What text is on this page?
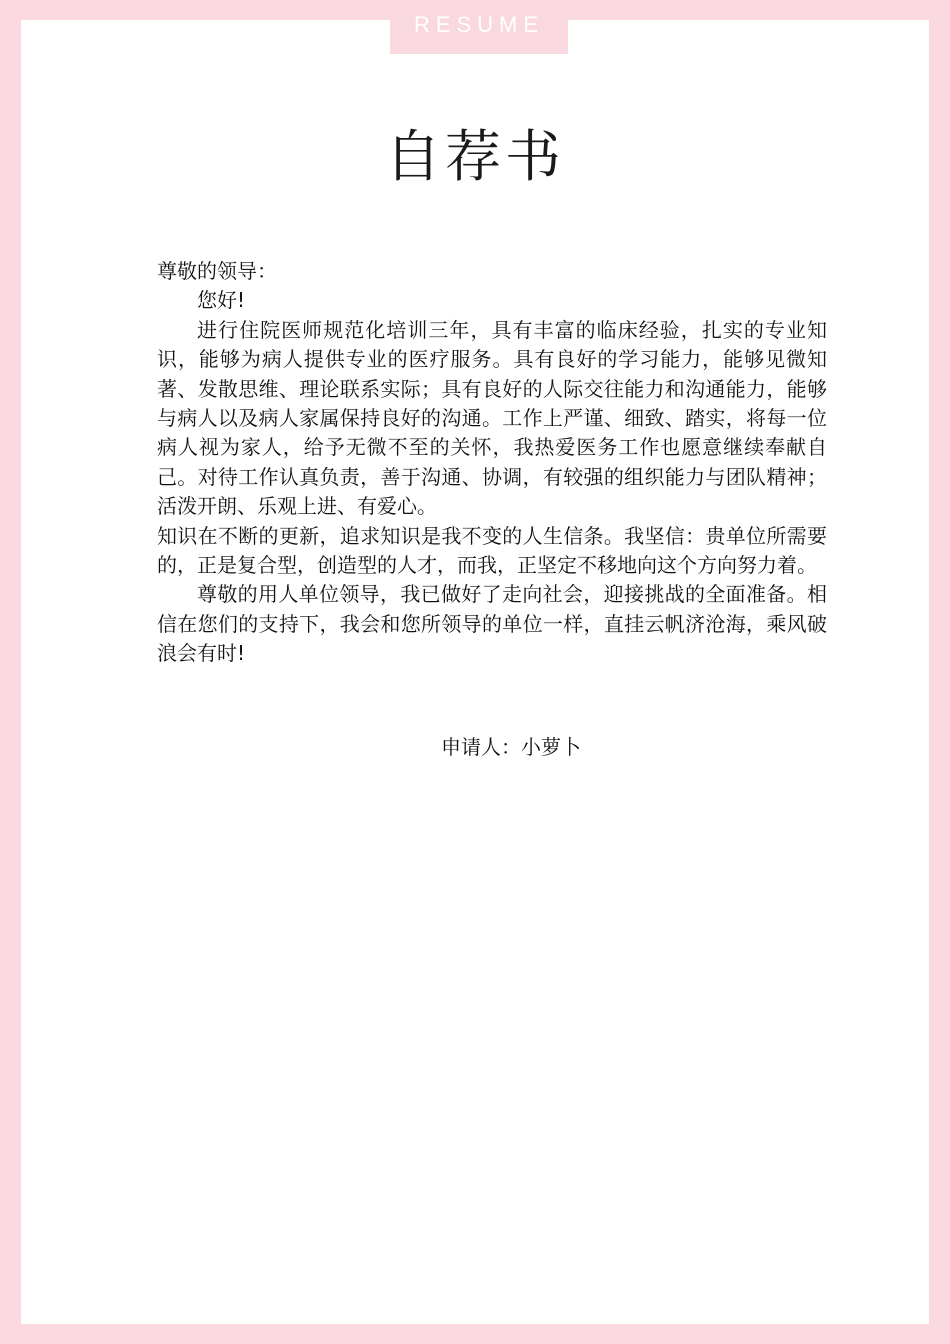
RESUME
自荐书

尊敬的领导：

您好!

进行住院医师规范化培训三年，具有丰富的临床经验，扎实的专业知识，能够为病人提供专业的医疗服务。具有良好的学习能力，能够见微知著、发散思维、理论联系实际；具有良好的人际交往能力和沟通能力，能够与病人以及病人家属保持良好的沟通。工作上严谨、细致、踏实，将每一位病人视为家人，给予无微不至的关怀，我热爱医务工作也愿意继续奉献自己。对待工作认真负责，善于沟通、协调，有较强的组织能力与团队精神；活泼开朗、乐观上进、有爱心。

知识在不断的更新，追求知识是我不变的人生信条。我坚信：贵单位所需要的，正是复合型，创造型的人才，而我，正坚定不移地向这个方向努力着。

尊敬的用人单位领导，我已做好了走向社会，迎接挑战的全面准备。相信在您们的支持下，我会和您所领导的单位一样，直挂云帆济沧海，乘风破浪会有时!

申请人：小萝卜
